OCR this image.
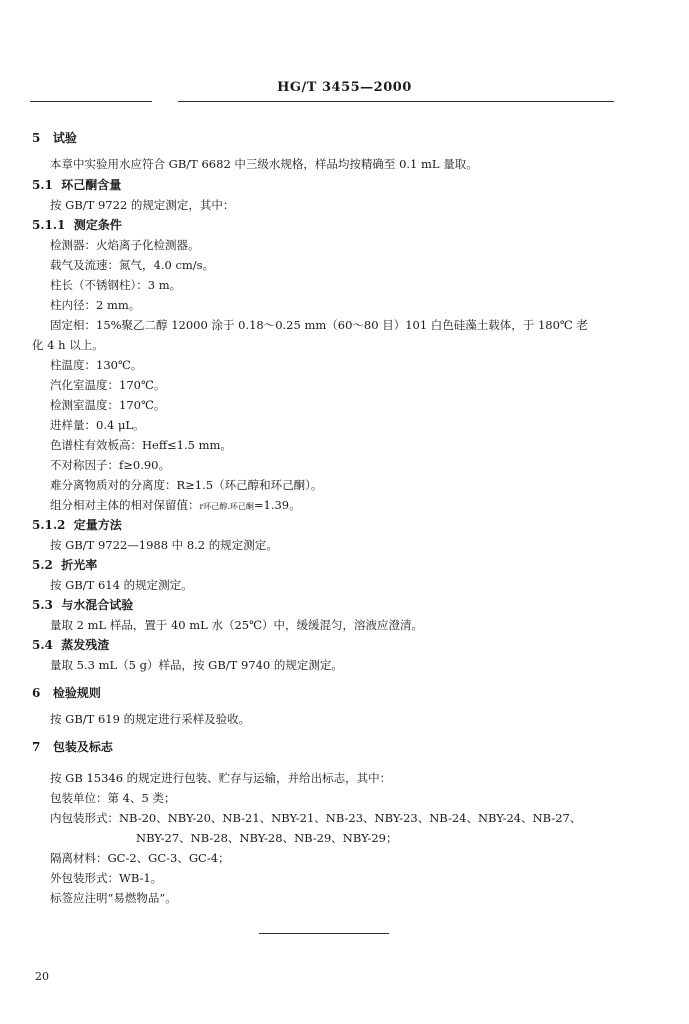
HG/T 3455—2000
5 试验
本章中实验用水应符合 GB/T 6682 中三级水规格，样品均按精确至 0.1 mL 量取。
5.1 环己酮含量
按 GB/T 9722 的规定测定，其中：
5.1.1 测定条件
检测器：火焰离子化检测器。
载气及流速：氮气，4.0 cm/s。
柱长（不锈钢柱）：3 m。
柱内径：2 mm。
固定相：15%聚乙二醇 12000 涂于 0.18～0.25 mm（60～80 目）101 白色硅藻土载体，于 180℃ 老
化 4 h 以上。
柱温度：130℃。
汽化室温度：170℃。
检测室温度：170℃。
进样量：0.4 μL。
色谱柱有效板高：Heff≤1.5 mm。
不对称因子：f≥0.90。
难分离物质对的分离度：R≥1.5（环己醇和环己酮）。
组分相对主体的相对保留值：r环己醇.环己酮=1.39。
5.1.2 定量方法
按 GB/T 9722—1988 中 8.2 的规定测定。
5.2 折光率
按 GB/T 614 的规定测定。
5.3 与水混合试验
量取 2 mL 样品，置于 40 mL 水（25℃）中，缓缓混匀，溶液应澄清。
5.4 蒸发残渣
量取 5.3 mL（5 g）样品，按 GB/T 9740 的规定测定。
6 检验规则
按 GB/T 619 的规定进行采样及验收。
7 包装及标志
按 GB 15346 的规定进行包装、贮存与运输，并给出标志，其中：
包装单位：第 4、5 类；
内包装形式：NB-20、NBY-20、NB-21、NBY-21、NB-23、NBY-23、NB-24、NBY-24、NB-27、
NBY-27、NB-28、NBY-28、NB-29、NBY-29；
隔离材料：GC-2、GC-3、GC-4；
外包装形式：WB-1。
标签应注明“易燃物品”。
20
